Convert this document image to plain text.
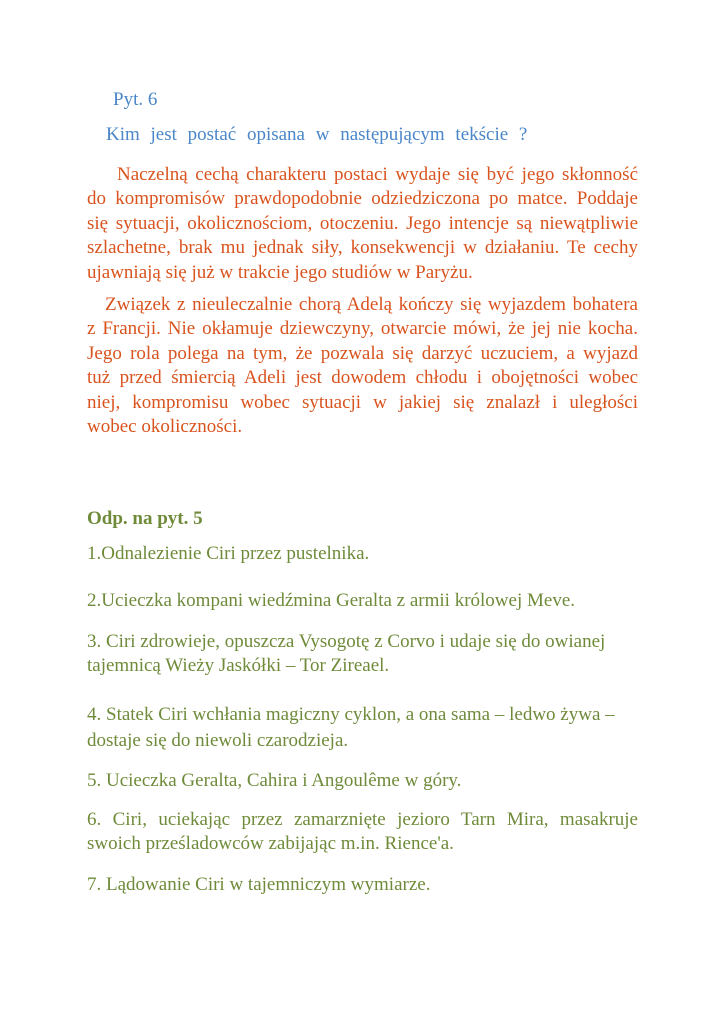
Pyt. 6

Kim jest postać opisana w następującym tekście ?

Naczelną cechą charakteru postaci wydaje się być jego skłonność
do kompromisów prawdopodobnie odziedziczona po matce. Poddaje
się sytuacji, okolicznościom, otoczeniu. Jego intencje są niewątpliwie
szlachetne, brak mu jednak siły, konsekwencji w działaniu. Te cechy
ujawniają się już w trakcie jego studiów w Paryżu.
Związek z nieuleczalnie chorą Adelą kończy się wyjazdem bohatera
z Francji. Nie okłamuje dziewczyny, otwarcie mówi, że jej nie kocha.
Jego rola polega na tym, że pozwala się darzyć uczuciem, a wyjazd
tuż przed śmiercią Adeli jest dowodem chłodu i obojętności wobec
niej, kompromisu wobec sytuacji w jakiej się znalazł i uległości
wobec okoliczności.

Odp. na pyt. 5

1.Odnalezienie Ciri przez pustelnika.

2.Ucieczka kompani wiedźmina Geralta z armii królowej Meve.

3. Ciri zdrowieje, opuszcza Vysogotę z Corvo i udaje się do owianej
tajemnicą Wieży Jaskółki – Tor Zireael.
4. Statek Ciri wchłania magiczny cyklon, a ona sama – ledwo żywa –
dostaje się do niewoli czarodzieja.

5. Ucieczka Geralta, Cahira i Angoulême w góry.

6. Ciri, uciekając przez zamarznięte jezioro Tarn Mira, masakruje
swoich prześladowców zabijając m.in. Rience'a.

7. Lądowanie Ciri w tajemniczym wymiarze.
